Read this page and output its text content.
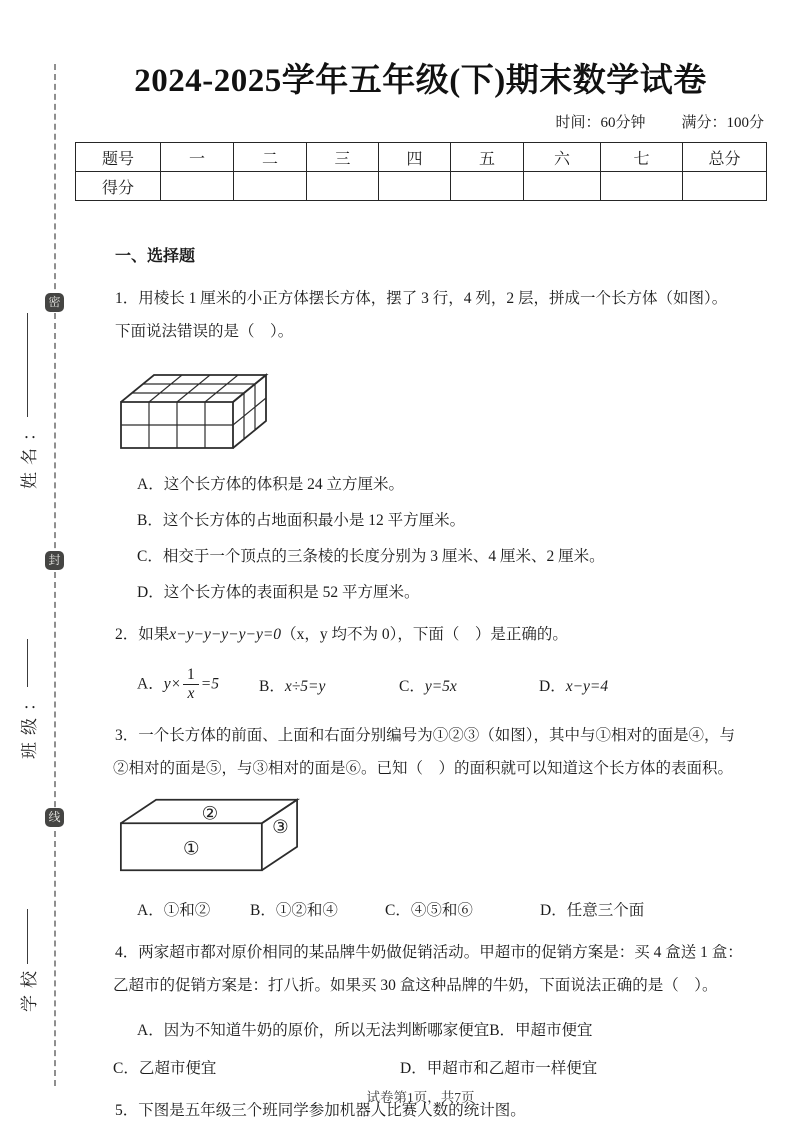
密
封
线
学校
班级：
姓名：
2024-2025学年五年级(下)期末数学试卷
时间：60分钟 满分：100分
题号	一	二	三	四	五	六	七	总分
得分								
一、选择题
1．用棱长 1 厘米的小正方体摆长方体，摆了 3 行，4 列，2 层，拼成一个长方体（如图）。
下面说法错误的是（　）。
A．这个长方体的体积是 24 立方厘米。
B．这个长方体的占地面积最小是 12 平方厘米。
C．相交于一个顶点的三条棱的长度分别为 3 厘米、4 厘米、2 厘米。
D．这个长方体的表面积是 52 平方厘米。
2．如果x−y−y−y−y−y=0（x，y 均不为 0），下面（　）是正确的。
A．$y\times \frac{1}{x} =5$	B．x÷5=y	C．y=5x	D．x−y=4
3．一个长方体的前面、上面和右面分别编号为①②③（如图），其中与①相对的面是④，与
②相对的面是⑤，与③相对的面是⑥。已知（　）的面积就可以知道这个长方体的表面积。
②
①
③
A．①和②	B．①②和④	C．④⑤和⑥	D．任意三个面
4．两家超市都对原价相同的某品牌牛奶做促销活动。甲超市的促销方案是：买 4 盒送 1 盒：
乙超市的促销方案是：打八折。如果买 30 盒这种品牌的牛奶，下面说法正确的是（　）。
A．因为不知道牛奶的原价，所以无法判断哪家便宜 B．甲超市便宜
C．乙超市便宜	D．甲超市和乙超市一样便宜
5．下图是五年级三个班同学参加机器人比赛人数的统计图。
试卷第1页，共7页
